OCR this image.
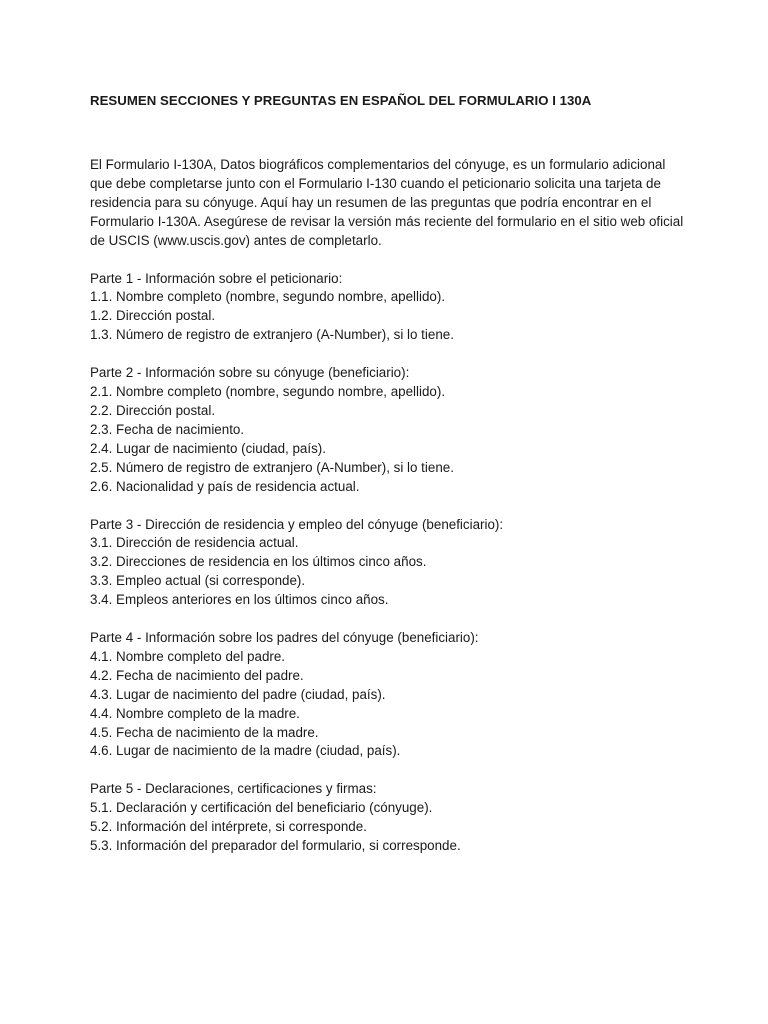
RESUMEN SECCIONES Y PREGUNTAS EN ESPAÑOL DEL FORMULARIO I 130A

El Formulario I-130A, Datos biográficos complementarios del cónyuge, es un formulario adicional que debe completarse junto con el Formulario I-130 cuando el peticionario solicita una tarjeta de residencia para su cónyuge. Aquí hay un resumen de las preguntas que podría encontrar en el Formulario I-130A. Asegúrese de revisar la versión más reciente del formulario en el sitio web oficial de USCIS (www.uscis.gov) antes de completarlo.

Parte 1 - Información sobre el peticionario:

1.1. Nombre completo (nombre, segundo nombre, apellido).

1.2. Dirección postal.

1.3. Número de registro de extranjero (A-Number), si lo tiene.

Parte 2 - Información sobre su cónyuge (beneficiario):

2.1. Nombre completo (nombre, segundo nombre, apellido).

2.2. Dirección postal.

2.3. Fecha de nacimiento.

2.4. Lugar de nacimiento (ciudad, país).

2.5. Número de registro de extranjero (A-Number), si lo tiene.

2.6. Nacionalidad y país de residencia actual.

Parte 3 - Dirección de residencia y empleo del cónyuge (beneficiario):

3.1. Dirección de residencia actual.

3.2. Direcciones de residencia en los últimos cinco años.

3.3. Empleo actual (si corresponde).

3.4. Empleos anteriores en los últimos cinco años.

Parte 4 - Información sobre los padres del cónyuge (beneficiario):

4.1. Nombre completo del padre.

4.2. Fecha de nacimiento del padre.

4.3. Lugar de nacimiento del padre (ciudad, país).

4.4. Nombre completo de la madre.

4.5. Fecha de nacimiento de la madre.

4.6. Lugar de nacimiento de la madre (ciudad, país).

Parte 5 - Declaraciones, certificaciones y firmas:

5.1. Declaración y certificación del beneficiario (cónyuge).

5.2. Información del intérprete, si corresponde.

5.3. Información del preparador del formulario, si corresponde.
